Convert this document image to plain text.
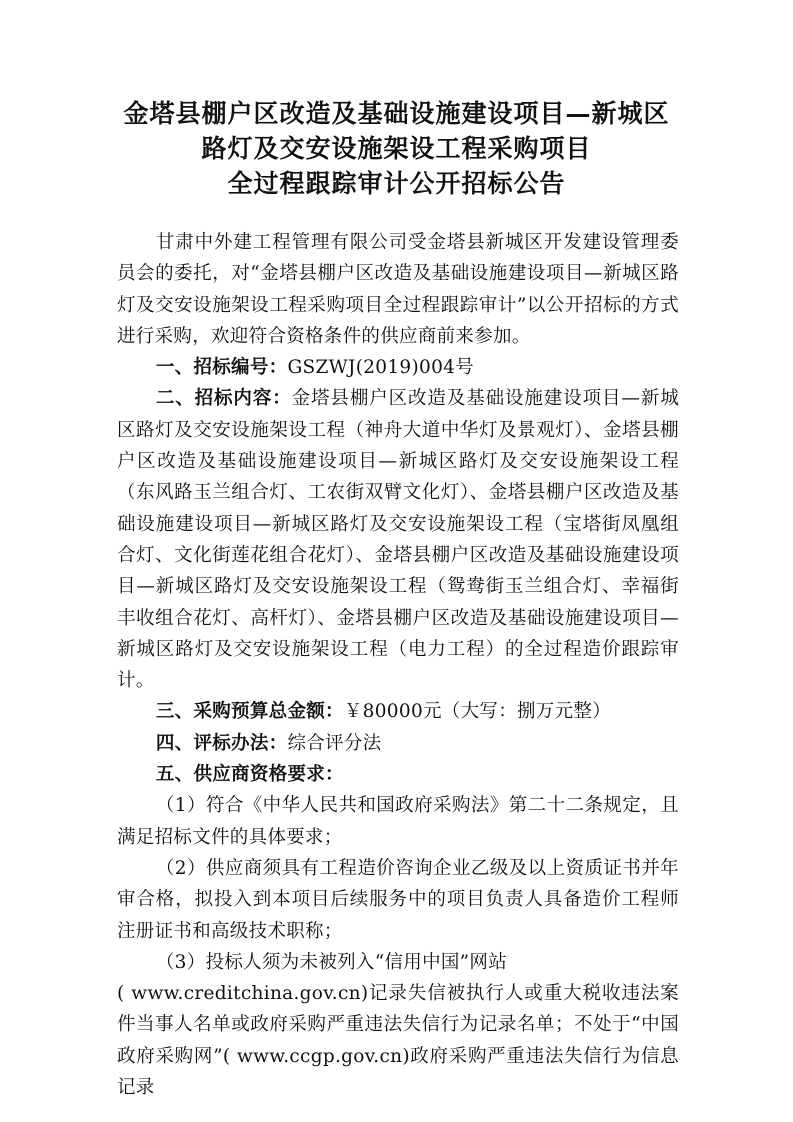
金塔县棚户区改造及基础设施建设项目—新城区
路灯及交安设施架设工程采购项目
全过程跟踪审计公开招标公告

甘肃中外建工程管理有限公司受金塔县新城区开发建设管理委员会的委托，对“金塔县棚户区改造及基础设施建设项目—新城区路灯及交安设施架设工程采购项目全过程跟踪审计”以公开招标的方式进行采购，欢迎符合资格条件的供应商前来参加。

一、招标编号：GSZWJ(2019)004号

二、招标内容：金塔县棚户区改造及基础设施建设项目—新城区路灯及交安设施架设工程（神舟大道中华灯及景观灯）、金塔县棚户区改造及基础设施建设项目—新城区路灯及交安设施架设工程（东风路玉兰组合灯、工农街双臂文化灯）、金塔县棚户区改造及基础设施建设项目—新城区路灯及交安设施架设工程（宝塔街凤凰组合灯、文化街莲花组合花灯）、金塔县棚户区改造及基础设施建设项目—新城区路灯及交安设施架设工程（鸳鸯街玉兰组合灯、幸福街丰收组合花灯、高杆灯）、金塔县棚户区改造及基础设施建设项目—新城区路灯及交安设施架设工程（电力工程）的全过程造价跟踪审计。

三、采购预算总金额：￥80000元（大写：捌万元整）

四、评标办法：综合评分法

五、供应商资格要求：

（1）符合《中华人民共和国政府采购法》第二十二条规定，且满足招标文件的具体要求；

（2）供应商须具有工程造价咨询企业乙级及以上资质证书并年审合格，拟投入到本项目后续服务中的项目负责人具备造价工程师注册证书和高级技术职称；

（3）投标人须为未被列入“信用中国”网站

( www.creditchina.gov.cn)记录失信被执行人或重大税收违法案件当事人名单或政府采购严重违法失信行为记录名单；不处于“中国政府采购网”( www.ccgp.gov.cn)政府采购严重违法失信行为信息记录
